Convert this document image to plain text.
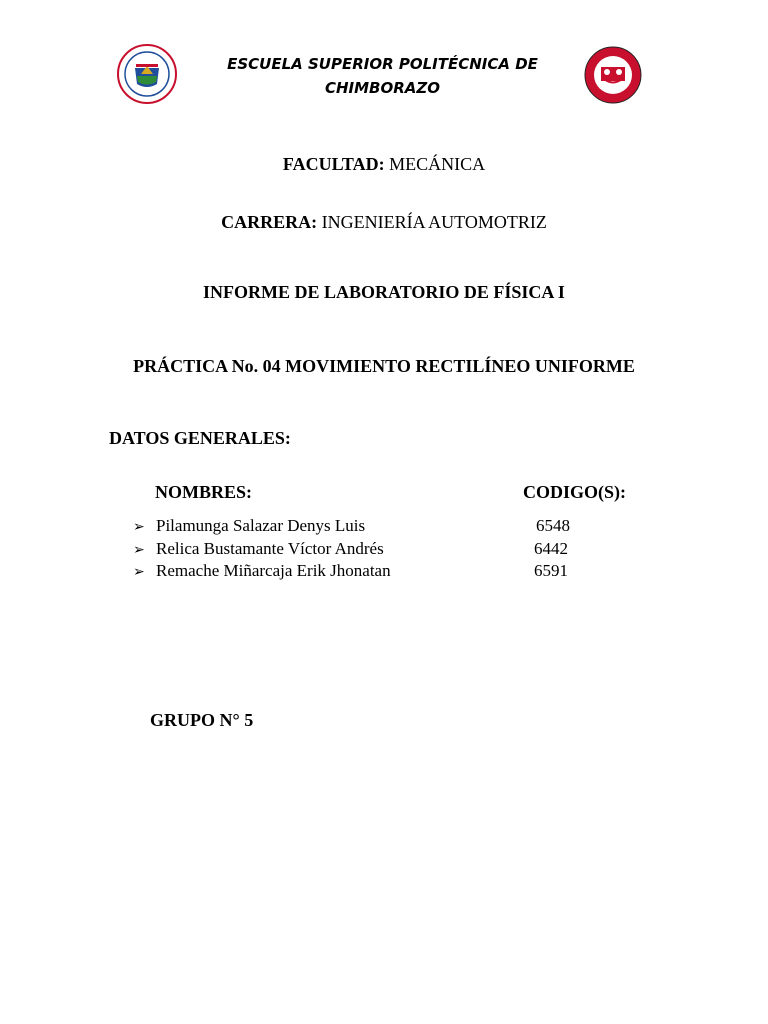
ESCUELA SUPERIOR POLITÉCNICA DE
CHIMBORAZO
FACULTAD: MECÁNICA
CARRERA: INGENIERÍA AUTOMOTRIZ
INFORME DE LABORATORIO DE FÍSICA I
PRÁCTICA No. 04 MOVIMIENTO RECTILÍNEO UNIFORME
DATOS GENERALES:
NOMBRES:	CODIGO(S):
➢ Pilamunga Salazar Denys Luis	6548
➢ Relica Bustamante Víctor Andrés	6442
➢ Remache Miñarcaja Erik Jhonatan	6591
GRUPO N° 5
